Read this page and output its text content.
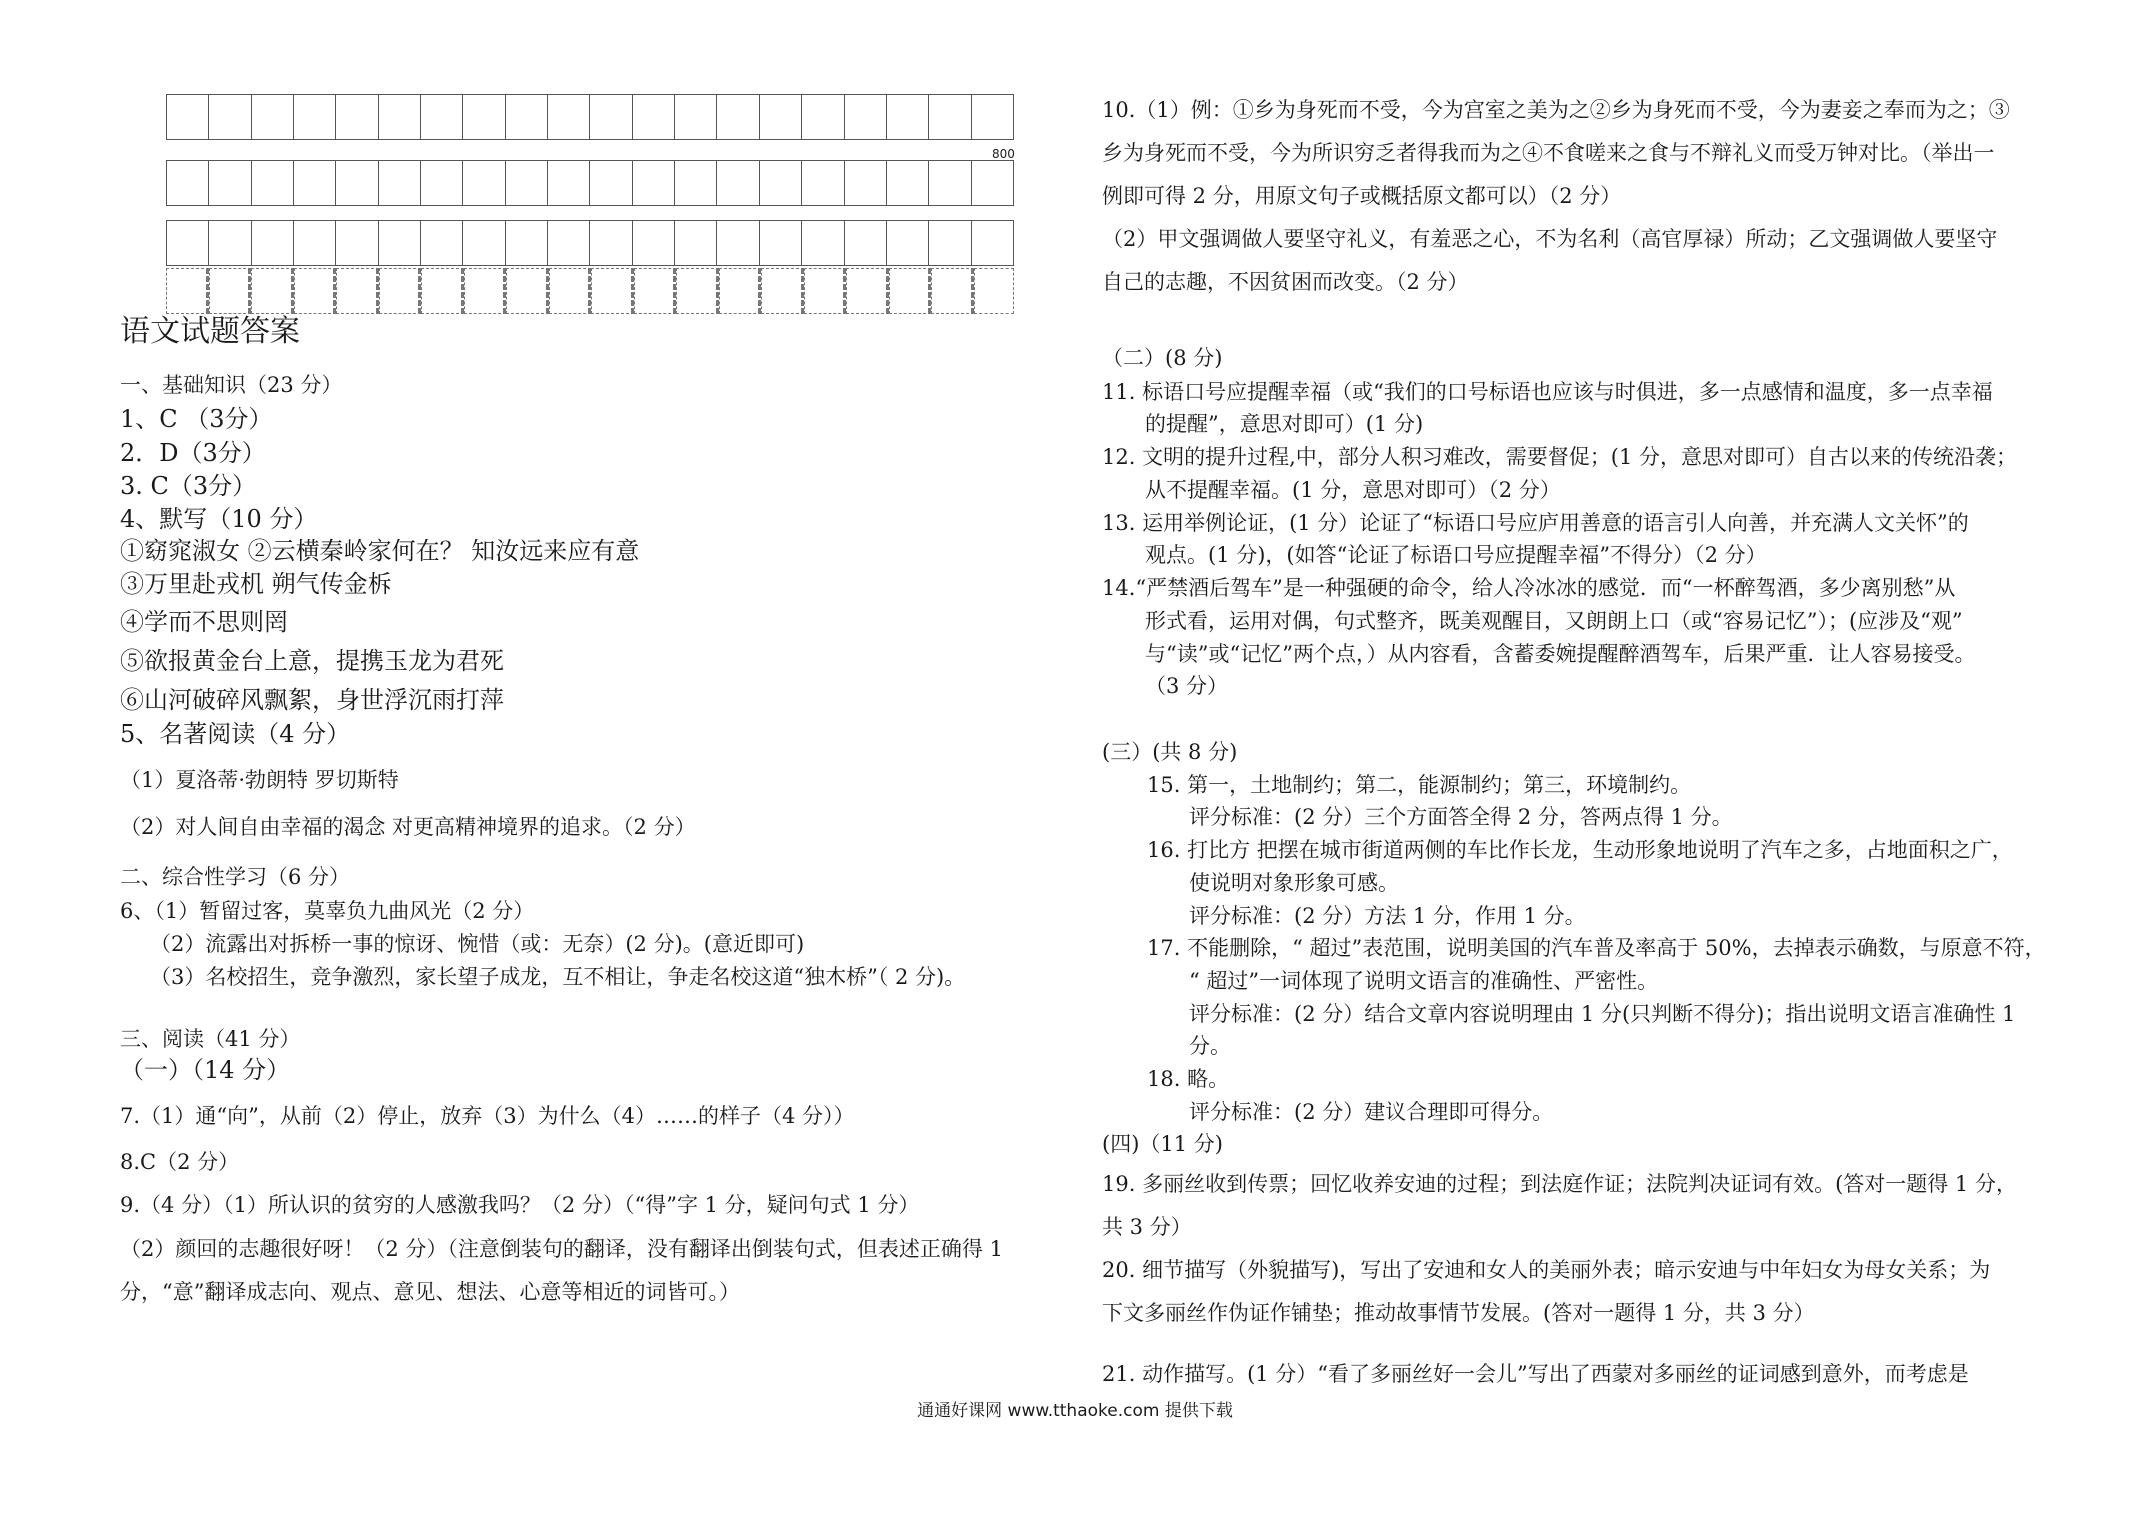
800
语文试题答案
一、基础知识（23 分）
1、C （3分）
2．D（3分）
3. C（3分）
4、默写（10 分）
①窈窕淑女 ②云横秦岭家何在？ 知汝远来应有意
③万里赴戎机 朔气传金柝
④学而不思则罔
⑤欲报黄金台上意，提携玉龙为君死
⑥山河破碎风飘絮，身世浮沉雨打萍
5、名著阅读（4 分）
（1）夏洛蒂·勃朗特 罗切斯特
（2）对人间自由幸福的渴念 对更高精神境界的追求。（2 分）
二、综合性学习（6 分）
6、（1）暂留过客，莫辜负九曲风光（2 分）
（2）流露出对拆桥一事的惊讶、惋惜（或：无奈）(2 分)。(意近即可)
（3）名校招生，竞争激烈，家长望子成龙，互不相让，争走名校这道“独木桥”（ 2 分)。
三、阅读（41 分）
（一）（14 分）
7.（1）通“向”，从前（2）停止，放弃（3）为什么（4）……的样子（4 分））
8.C（2 分）
9.（4 分）（1）所认识的贫穷的人感激我吗？（2 分）（“得”字 1 分，疑问句式 1 分）
（2）颜回的志趣很好呀！（2 分）（注意倒装句的翻译，没有翻译出倒装句式，但表述正确得 1
分，“意”翻译成志向、观点、意见、想法、心意等相近的词皆可。）
10.（1）例：①乡为身死而不受，今为宫室之美为之②乡为身死而不受，今为妻妾之奉而为之；③
乡为身死而不受，今为所识穷乏者得我而为之④不食嗟来之食与不辩礼义而受万钟对比。（举出一
例即可得 2 分，用原文句子或概括原文都可以）（2 分）
（2）甲文强调做人要坚守礼义，有羞恶之心，不为名利（高官厚禄）所动；乙文强调做人要坚守
自己的志趣，不因贫困而改变。（2 分）
（二）(8 分)
11. 标语口号应提醒幸福（或“我们的口号标语也应该与时俱进，多一点感情和温度，多一点幸福
的提醒”，意思对即可）(1 分)
12. 文明的提升过程,中，部分人积习难改，需要督促；(1 分，意思对即可）自古以来的传统沿袭；
从不提醒幸福。(1 分，意思对即可）（2 分）
13. 运用举例论证，(1 分）论证了“标语口号应庐用善意的语言引人向善，并充满人文关怀”的
观点。(1 分)，(如答“论证了标语口号应提醒幸福”不得分）（2 分）
14.“严禁酒后驾车”是一种强硬的命令，给人冷冰冰的感觉．而“一杯醉驾酒，多少离别愁”从
形式看，运用对偶，句式整齐，既美观醒目，又朗朗上口（或“容易记忆”）；(应涉及“观”
与“读”或“记忆”两个点，）从内容看，含蓄委婉提醒醉酒驾车，后果严重．让人容易接受。
（3 分）
(三）(共 8 分)
15. 第一，土地制约；第二，能源制约；第三，环境制约。
评分标准：(2 分）三个方面答全得 2 分，答两点得 1 分。
16. 打比方 把摆在城市街道两侧的车比作长龙，生动形象地说明了汽车之多，占地面积之广，
使说明对象形象可感。
评分标准：(2 分）方法 1 分，作用 1 分。
17. 不能删除，“ 超过”表范围，说明美国的汽车普及率高于 50%，去掉表示确数，与原意不符，
“ 超过”一词体现了说明文语言的准确性、严密性。
评分标准：(2 分）结合文章内容说明理由 1 分(只判断不得分)；指出说明文语言准确性 1
分。
18. 略。
评分标准：(2 分）建议合理即可得分。
(四)（11 分)
19. 多丽丝收到传票；回忆收养安迪的过程；到法庭作证；法院判决证词有效。(答对一题得 1 分，
共 3 分）
20. 细节描写（外貌描写)，写出了安迪和女人的美丽外表；暗示安迪与中年妇女为母女关系；为
下文多丽丝作伪证作铺垫；推动故事情节发展。(答对一题得 1 分，共 3 分）
21. 动作描写。(1 分）“看了多丽丝好一会儿”写出了西蒙对多丽丝的证词感到意外，而考虑是
通通好课网 www.tthaoke.com 提供下载
